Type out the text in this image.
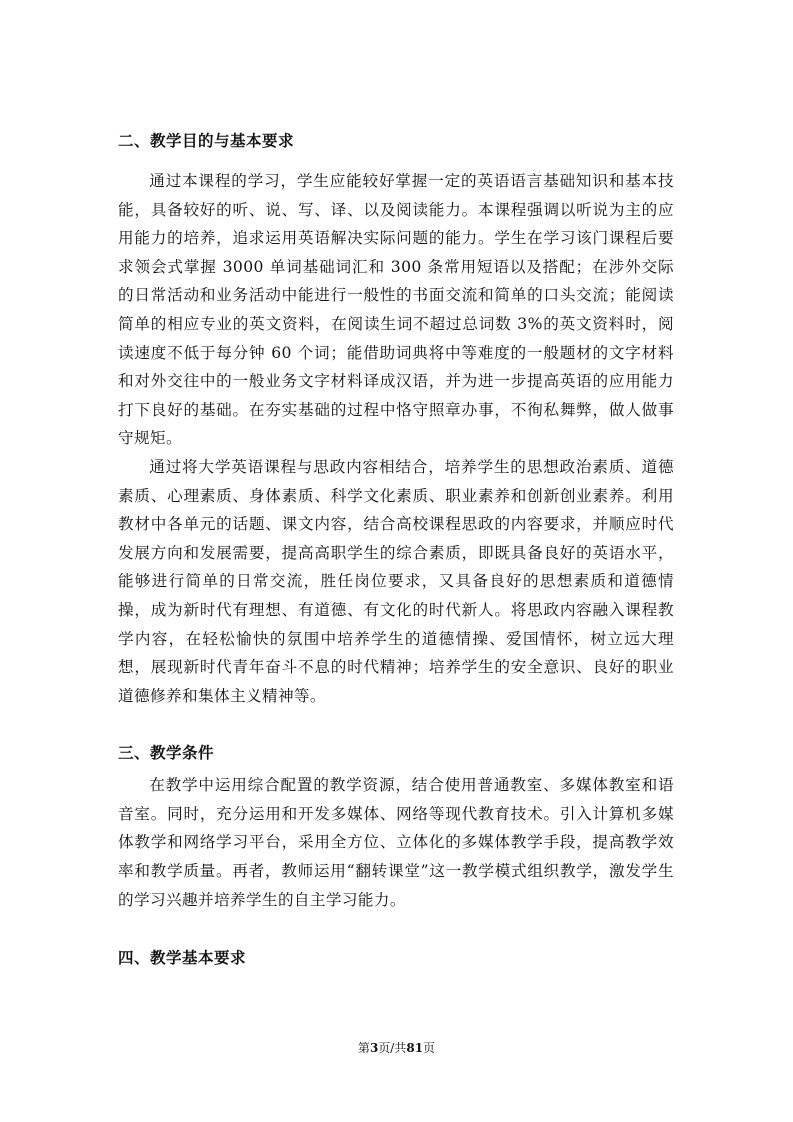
二、教学目的与基本要求

通过本课程的学习，学生应能较好掌握一定的英语语言基础知识和基本技能，具备较好的听、说、写、译、以及阅读能力。本课程强调以听说为主的应用能力的培养，追求运用英语解决实际问题的能力。学生在学习该门课程后要求领会式掌握 3000 单词基础词汇和 300 条常用短语以及搭配；在涉外交际的日常活动和业务活动中能进行一般性的书面交流和简单的口头交流；能阅读简单的相应专业的英文资料，在阅读生词不超过总词数 3%的英文资料时，阅读速度不低于每分钟 60 个词；能借助词典将中等难度的一般题材的文字材料和对外交往中的一般业务文字材料译成汉语，并为进一步提高英语的应用能力打下良好的基础。在夯实基础的过程中恪守照章办事，不徇私舞弊，做人做事守规矩。

通过将大学英语课程与思政内容相结合，培养学生的思想政治素质、道德素质、心理素质、身体素质、科学文化素质、职业素养和创新创业素养。利用教材中各单元的话题、课文内容，结合高校课程思政的内容要求，并顺应时代发展方向和发展需要，提高高职学生的综合素质，即既具备良好的英语水平，能够进行简单的日常交流，胜任岗位要求，又具备良好的思想素质和道德情操，成为新时代有理想、有道德、有文化的时代新人。将思政内容融入课程教学内容，在轻松愉快的氛围中培养学生的道德情操、爱国情怀，树立远大理想，展现新时代青年奋斗不息的时代精神；培养学生的安全意识、良好的职业道德修养和集体主义精神等。

三、教学条件

在教学中运用综合配置的教学资源，结合使用普通教室、多媒体教室和语音室。同时，充分运用和开发多媒体、网络等现代教育技术。引入计算机多媒体教学和网络学习平台，采用全方位、立体化的多媒体教学手段，提高教学效率和教学质量。再者，教师运用“翻转课堂”这一教学模式组织教学，激发学生的学习兴趣并培养学生的自主学习能力。

四、教学基本要求
第3页/共81页
